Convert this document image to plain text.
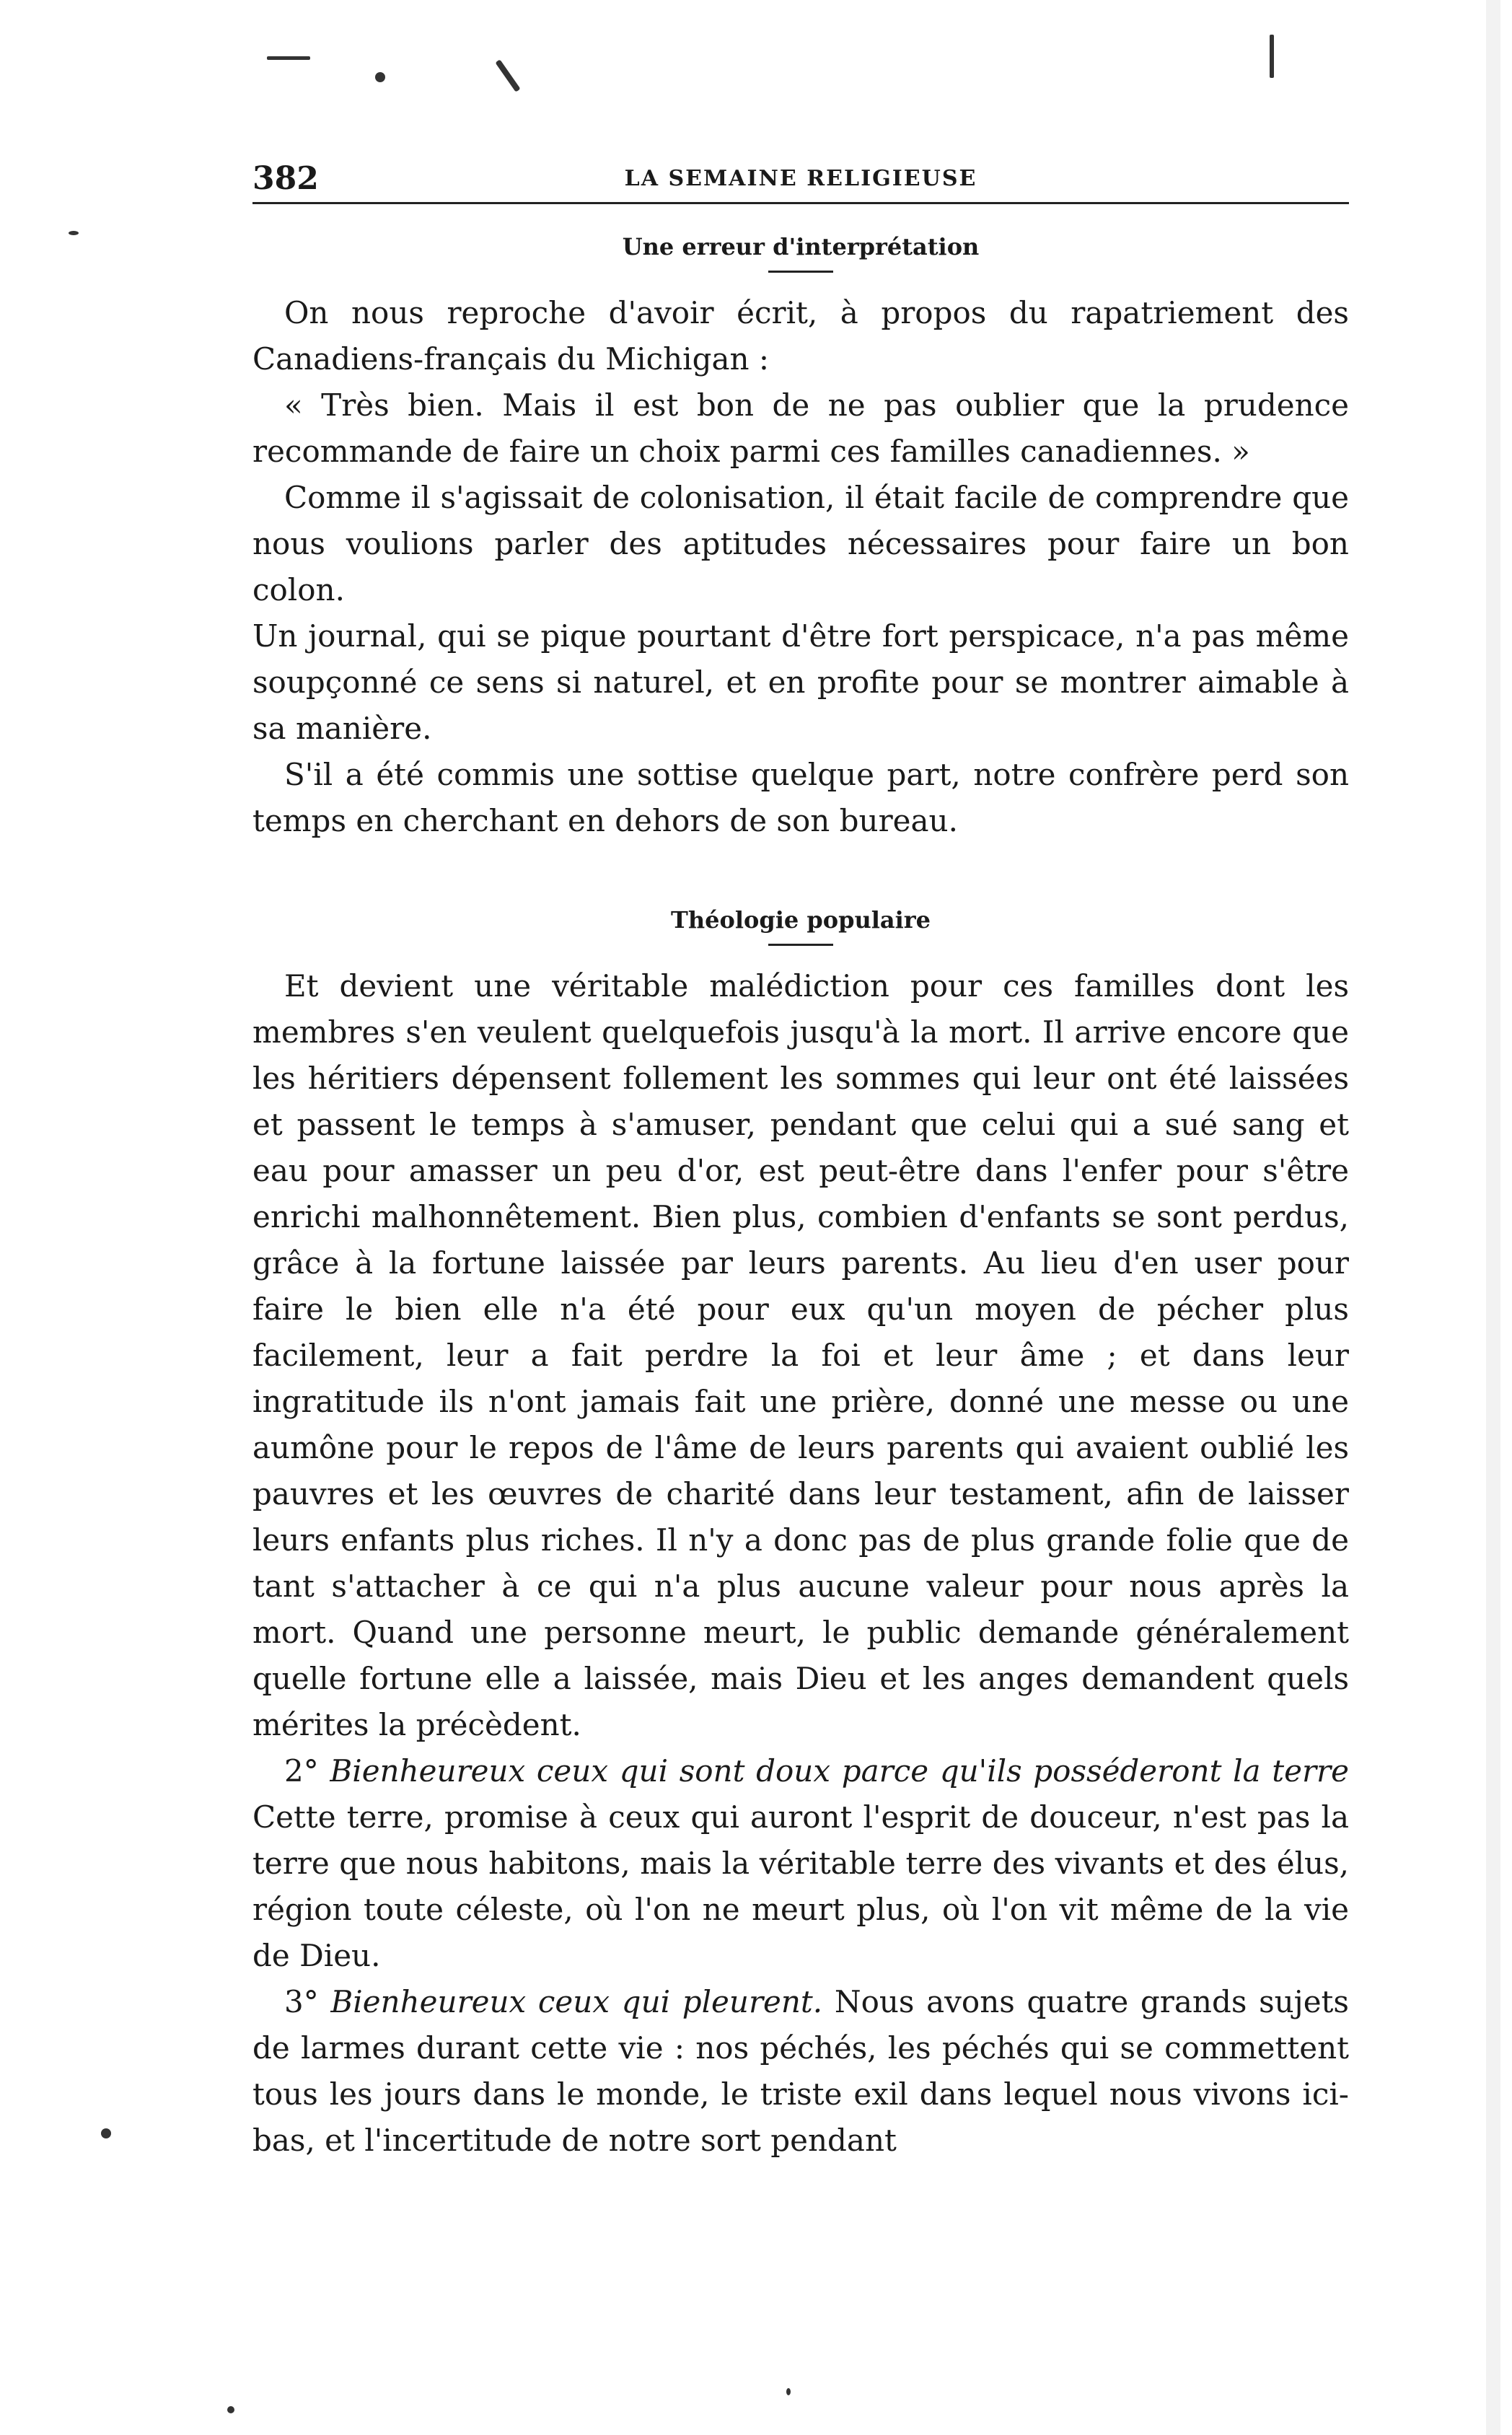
382	LA SEMAINE RELIGIEUSE
Une erreur d'interprétation

On nous reproche d'avoir écrit, à propos du rapatriement des Canadiens-français du Michigan :

« Très bien. Mais il est bon de ne pas oublier que la prudence recommande de faire un choix parmi ces familles canadiennes. »

Comme il s'agissait de colonisation, il était facile de comprendre que nous voulions parler des aptitudes nécessaires pour faire un bon colon.

Un journal, qui se pique pourtant d'être fort perspicace, n'a pas même soupçonné ce sens si naturel, et en profite pour se montrer aimable à sa manière.

S'il a été commis une sottise quelque part, notre confrère perd son temps en cherchant en dehors de son bureau.

Théologie populaire

Et devient une véritable malédiction pour ces familles dont les membres s'en veulent quelquefois jusqu'à la mort. Il arrive encore que les héritiers dépensent follement les sommes qui leur ont été laissées et passent le temps à s'amuser, pendant que celui qui a sué sang et eau pour amasser un peu d'or, est peut-être dans l'enfer pour s'être enrichi malhonnêtement. Bien plus, combien d'enfants se sont perdus, grâce à la fortune laissée par leurs parents. Au lieu d'en user pour faire le bien elle n'a été pour eux qu'un moyen de pécher plus facilement, leur a fait perdre la foi et leur âme ; et dans leur ingratitude ils n'ont jamais fait une prière, donné une messe ou une aumône pour le repos de l'âme de leurs parents qui avaient oublié les pauvres et les œuvres de charité dans leur testament, afin de laisser leurs enfants plus riches. Il n'y a donc pas de plus grande folie que de tant s'attacher à ce qui n'a plus aucune valeur pour nous après la mort. Quand une personne meurt, le public demande généralement quelle fortune elle a laissée, mais Dieu et les anges demandent quels mérites la précèdent.

2° Bienheureux ceux qui sont doux parce qu'ils posséderont la terre Cette terre, promise à ceux qui auront l'esprit de douceur, n'est pas la terre que nous habitons, mais la véritable terre des vivants et des élus, région toute céleste, où l'on ne meurt plus, où l'on vit même de la vie de Dieu.

3° Bienheureux ceux qui pleurent. Nous avons quatre grands sujets de larmes durant cette vie : nos péchés, les péchés qui se commettent tous les jours dans le monde, le triste exil dans lequel nous vivons ici-bas, et l'incertitude de notre sort pendant
